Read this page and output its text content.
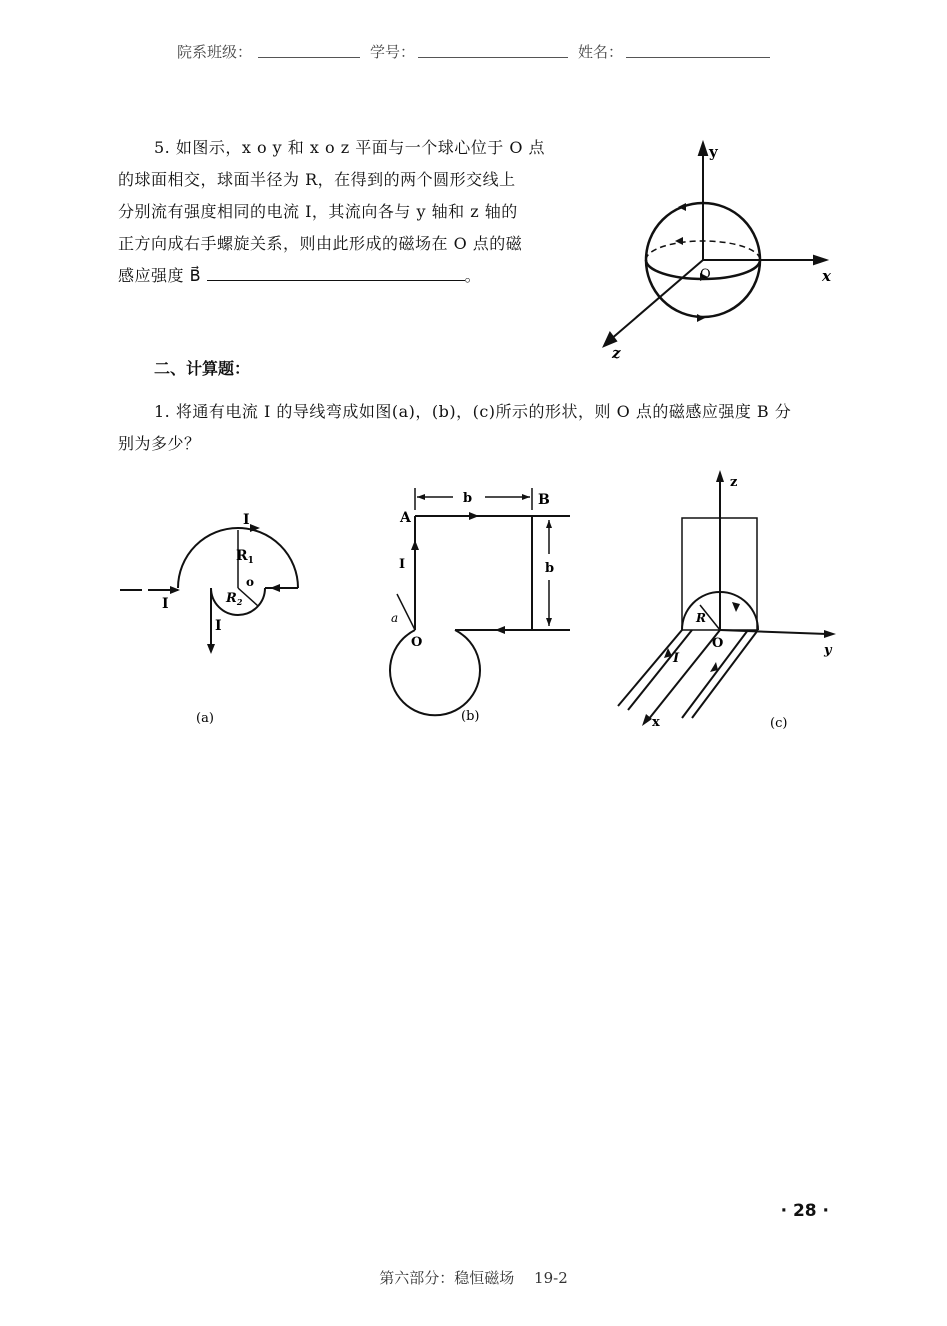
院系班级：	学号：	姓名：
5. 如图示，x o y 和 x o z 平面与一个球心位于 O 点
的球面相交，球面半径为 R，在得到的两个圆形交线上
分别流有强度相同的电流 I，其流向各与 y 轴和 z 轴的
正方向成右手螺旋关系，则由此形成的磁场在 O 点的磁
感应强度 B⃗	。
y
x
z
O
二、计算题：
1. 将通有电流 I 的导线弯成如图(a)，(b)，(c)所示的形状，则 O 点的磁感应强度 B 分
别为多少？
I
I
I
$R_1$
$R_2$
o
(a)
A
B
b
b
I
O
a
(b)
z
y
x
R
O
I
(c)
· 28 ·
第六部分：稳恒磁场　 19-2
